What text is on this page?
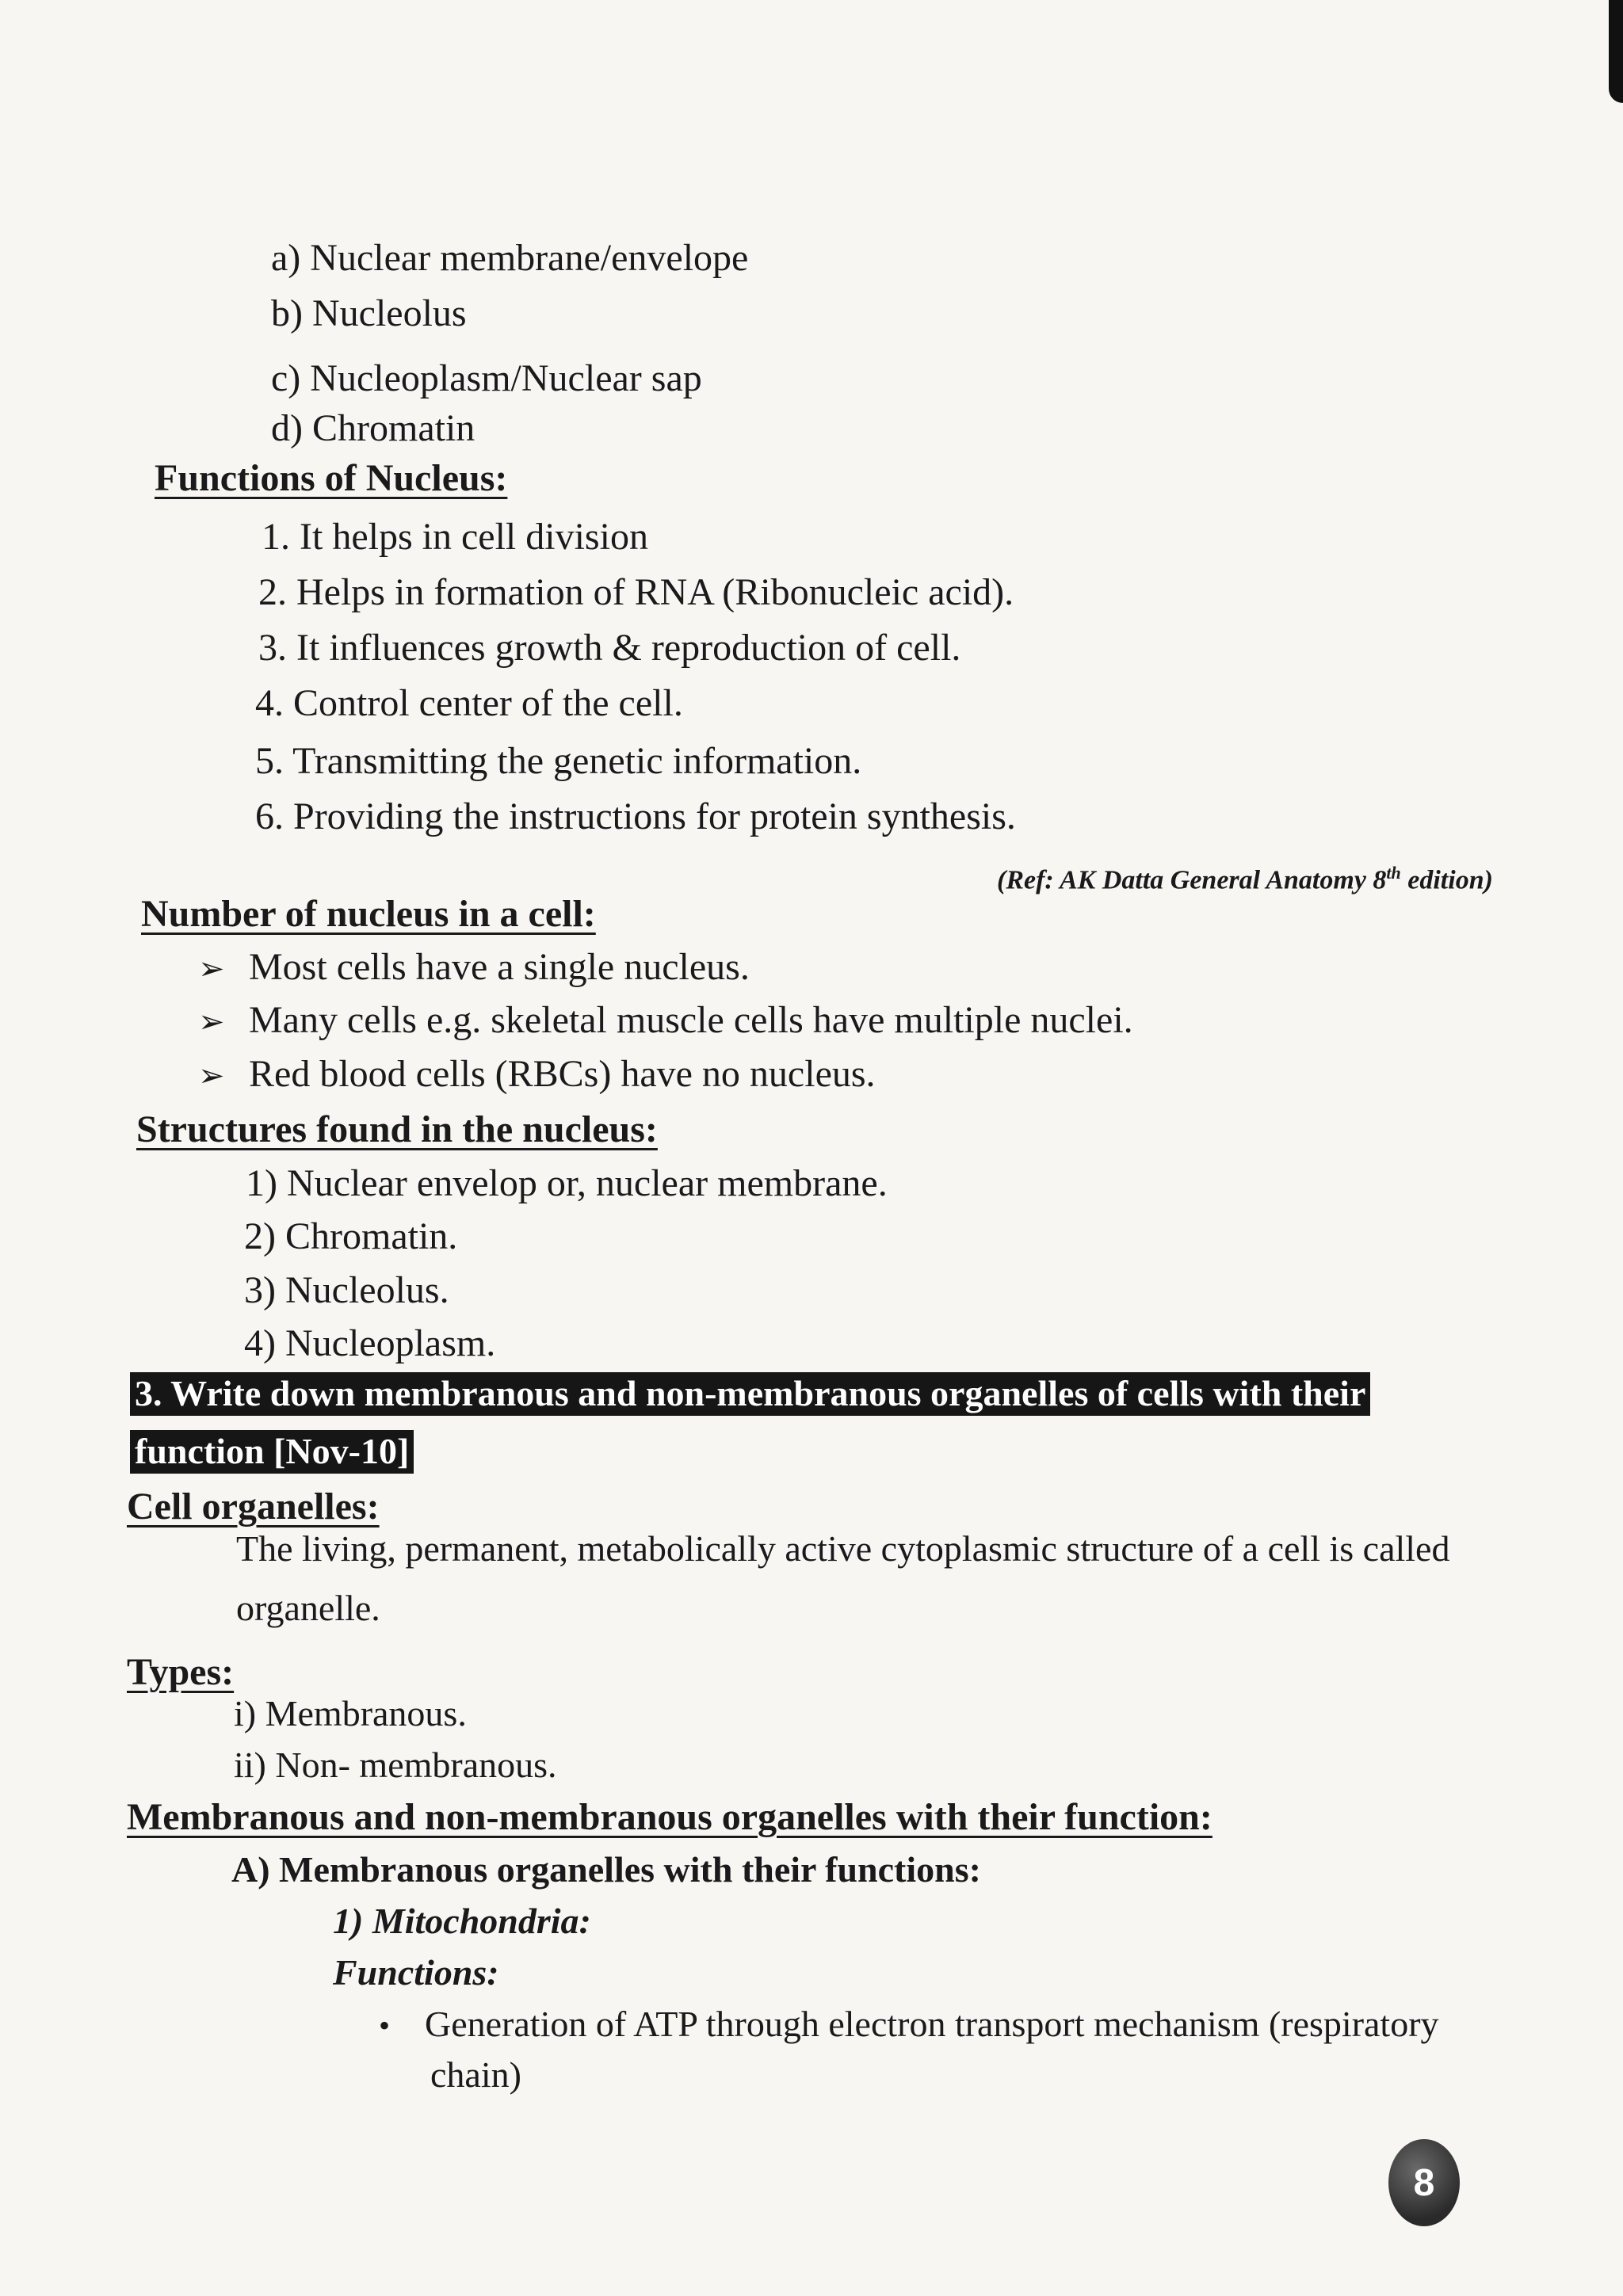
a) Nuclear membrane/envelope
b) Nucleolus
c) Nucleoplasm/Nuclear sap
d) Chromatin
Functions of Nucleus:
1. It helps in cell division
2. Helps in formation of RNA (Ribonucleic acid).
3. It influences growth & reproduction of cell.
4. Control center of the cell.
5. Transmitting the genetic information.
6. Providing the instructions for protein synthesis.
(Ref: AK Datta General Anatomy 8th edition)
Number of nucleus in a cell:
➢ Most cells have a single nucleus.
➢ Many cells e.g. skeletal muscle cells have multiple nuclei.
➢ Red blood cells (RBCs) have no nucleus.
Structures found in the nucleus:
1) Nuclear envelop or, nuclear membrane.
2) Chromatin.
3) Nucleolus.
4) Nucleoplasm.
3. Write down membranous and non-membranous organelles of cells with their
function [Nov-10]
Cell organelles:
The living, permanent, metabolically active cytoplasmic structure of a cell is called
organelle.
Types:
i) Membranous.
ii) Non- membranous.
Membranous and non-membranous organelles with their function:
A) Membranous organelles with their functions:
1) Mitochondria:
Functions:
• Generation of ATP through electron transport mechanism (respiratory
chain)
8
